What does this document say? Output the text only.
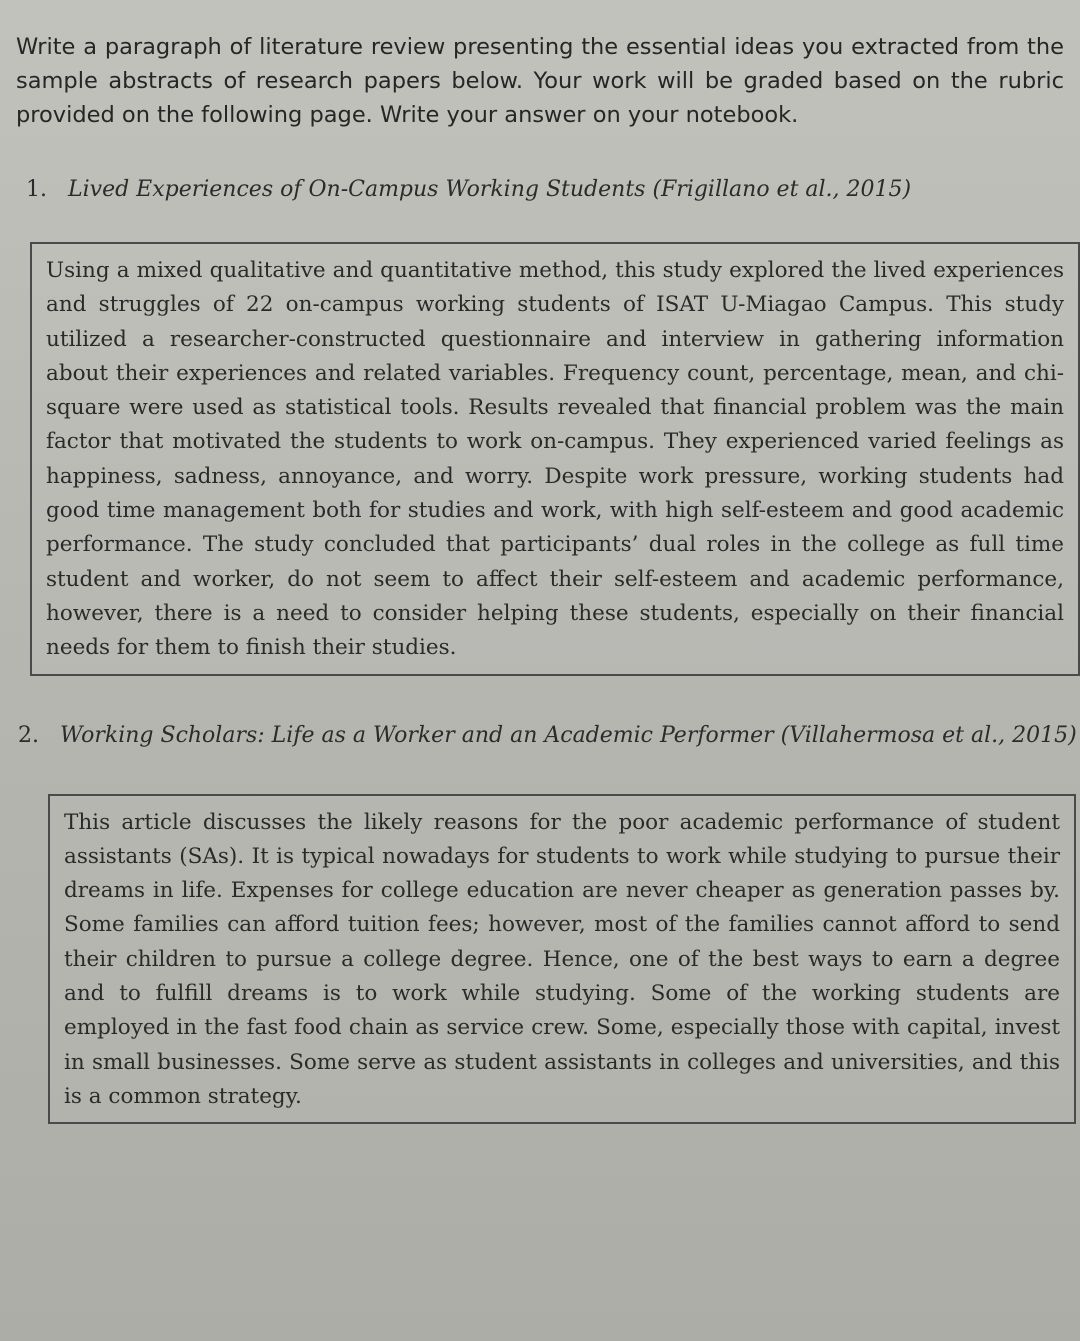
Write a paragraph of literature review presenting the essential ideas you extracted from the sample abstracts of research papers below. Your work will be graded based on the rubric provided on the following page. Write your answer on your notebook.

1. Lived Experiences of On-Campus Working Students (Frigillano et al., 2015)

Using a mixed qualitative and quantitative method, this study explored the lived experiences and struggles of 22 on-campus working students of ISAT U-Miagao Campus. This study utilized a researcher-constructed questionnaire and interview in gathering information about their experiences and related variables. Frequency count, percentage, mean, and chi-square were used as statistical tools. Results revealed that financial problem was the main factor that motivated the students to work on-campus. They experienced varied feelings as happiness, sadness, annoyance, and worry. Despite work pressure, working students had good time management both for studies and work, with high self-esteem and good academic performance. The study concluded that participants’ dual roles in the college as full time student and worker, do not seem to affect their self-esteem and academic performance, however, there is a need to consider helping these students, especially on their financial needs for them to finish their studies.

2. Working Scholars: Life as a Worker and an Academic Performer (Villahermosa et al., 2015)

This article discusses the likely reasons for the poor academic performance of student assistants (SAs). It is typical nowadays for students to work while studying to pursue their dreams in life. Expenses for college education are never cheaper as generation passes by. Some families can afford tuition fees; however, most of the families cannot afford to send their children to pursue a college degree. Hence, one of the best ways to earn a degree and to fulfill dreams is to work while studying. Some of the working students are employed in the fast food chain as service crew. Some, especially those with capital, invest in small businesses. Some serve as student assistants in colleges and universities, and this is a common strategy.
